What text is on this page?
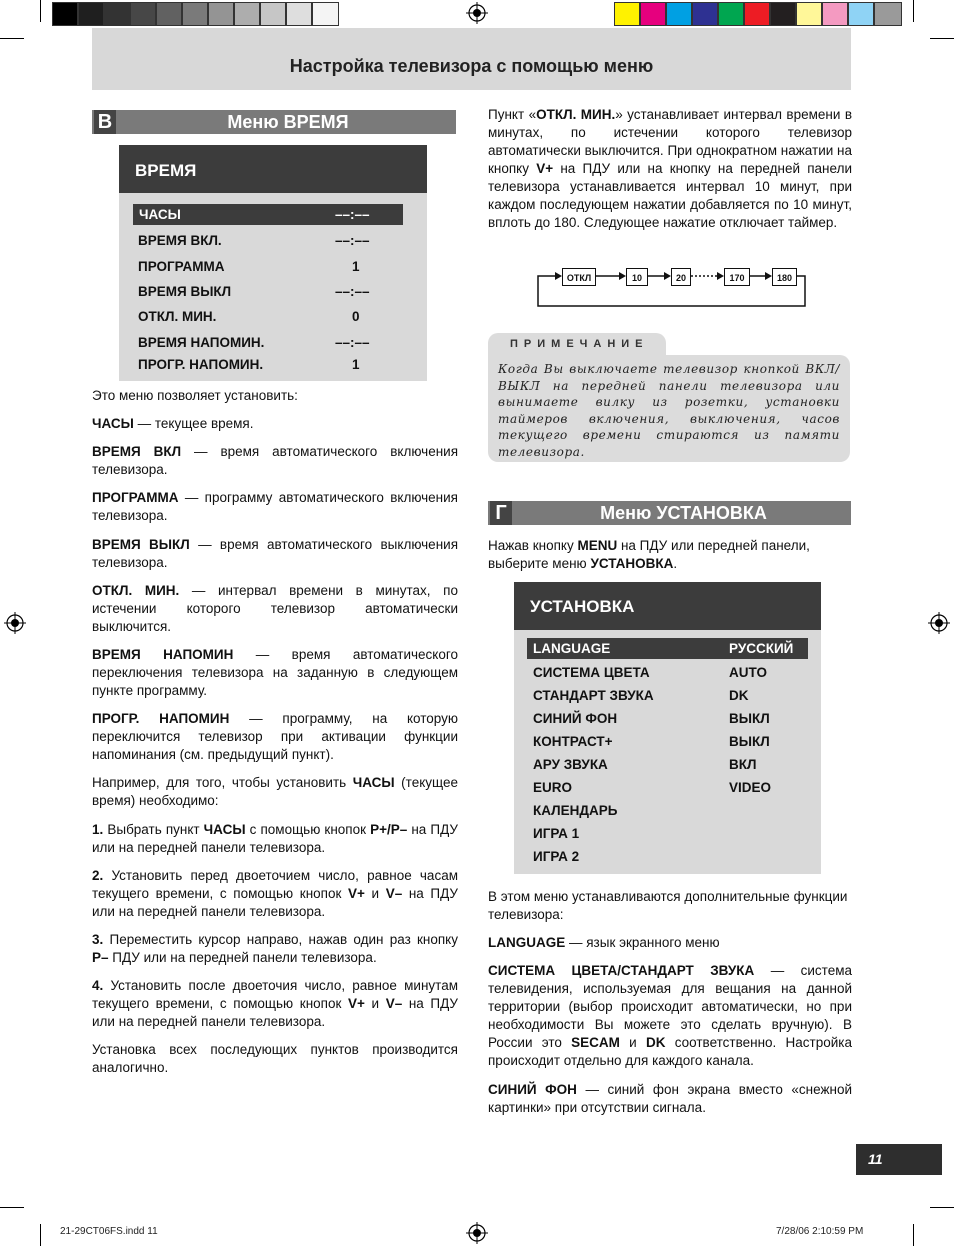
Настройка телевизора с помощью меню
В	Меню ВРЕМЯ
ВРЕМЯ
ЧАСЫ	––:––
ВРЕМЯ ВКЛ.	––:––
ПРОГРАММА	1
ВРЕМЯ ВЫКЛ	––:––
ОТКЛ. МИН.	0
ВРЕМЯ НАПОМИН.	––:––
ПРОГР. НАПОМИН.	1
Это меню позволяет установить:
ЧАСЫ — текущее время.
ВРЕМЯ ВКЛ — время автоматического включения телевизора.
ПРОГРАММА — программу автоматического включения телевизора.
ВРЕМЯ ВЫКЛ — время автоматического выключения телевизора.
ОТКЛ. МИН. — интервал времени в минутах, по истечении которого телевизор автоматически выключится.
ВРЕМЯ НАПОМИН — время автоматического переключения телевизора на заданную в следующем пункте программу.
ПРОГР. НАПОМИН — программу, на которую переключится телевизор при активации функции напоминания (см. предыдущий пункт).
Например, для того, чтобы установить ЧАСЫ (текущее время) необходимо:
1. Выбрать пункт ЧАСЫ с помощью кнопок P+/P– на ПДУ или на передней панели телевизора.
2. Установить перед двоеточием число, равное часам текущего времени, с помощью кнопок V+ и V– на ПДУ или на передней панели телевизора.
3. Переместить курсор направо, нажав один раз кнопку P– ПДУ или на передней панели телевизора.
4. Установить после двоеточия число, равное минутам текущего времени, с помощью кнопок V+ и V– на ПДУ или на передней панели телевизора.
Установка всех последующих пунктов производится аналогично.
Пункт «ОТКЛ. МИН.» устанавливает интервал времени в минутах, по истечении которого телевизор автоматически выключится. При однократном нажатии на кнопку V+ на ПДУ или на кнопку на передней панели телевизора устанавливается интервал 10 минут, при каждом последующем нажатии добавляется по 10 минут, вплоть до 180. Следующее нажатие отключает таймер.
ОТКЛ	10	20	170	180
ПРИМЕЧАНИЕ
Когда Вы выключаете телевизор кнопкой ВКЛ/ВЫКЛ на передней панели телевизора или вынимаете вилку из розетки, установки таймеров включения, выключения, часов текущего времени стираются из памяти телевизора.
Г	Меню УСТАНОВКА
Нажав кнопку MENU на ПДУ или передней панели, выберите меню УСТАНОВКА.
УСТАНОВКА
LANGUAGE	РУССКИЙ
СИСТЕМА ЦВЕТА	AUTO
СТАНДАРТ ЗВУКА	DK
СИНИЙ ФОН	ВЫКЛ
КОНТРАСТ+	ВЫКЛ
АРУ ЗВУКА	ВКЛ
EURO	VIDEO
КАЛЕНДАРЬ
ИГРА 1
ИГРА 2
В этом меню устанавливаются дополнительные функции телевизора:
LANGUAGE — язык экранного меню
СИСТЕМА ЦВЕТА/СТАНДАРТ ЗВУКА — система телевидения, используемая для вещания на данной территории (выбор происходит автоматически, но при необходимости Вы можете это сделать вручную). В России это SECAM и DK соответственно. Настройка происходит отдельно для каждого канала.
СИНИЙ ФОН — синий фон экрана вместо «снежной картинки» при отсутствии сигнала.
11
21-29CT06FS.indd 11	7/28/06 2:10:59 PM
